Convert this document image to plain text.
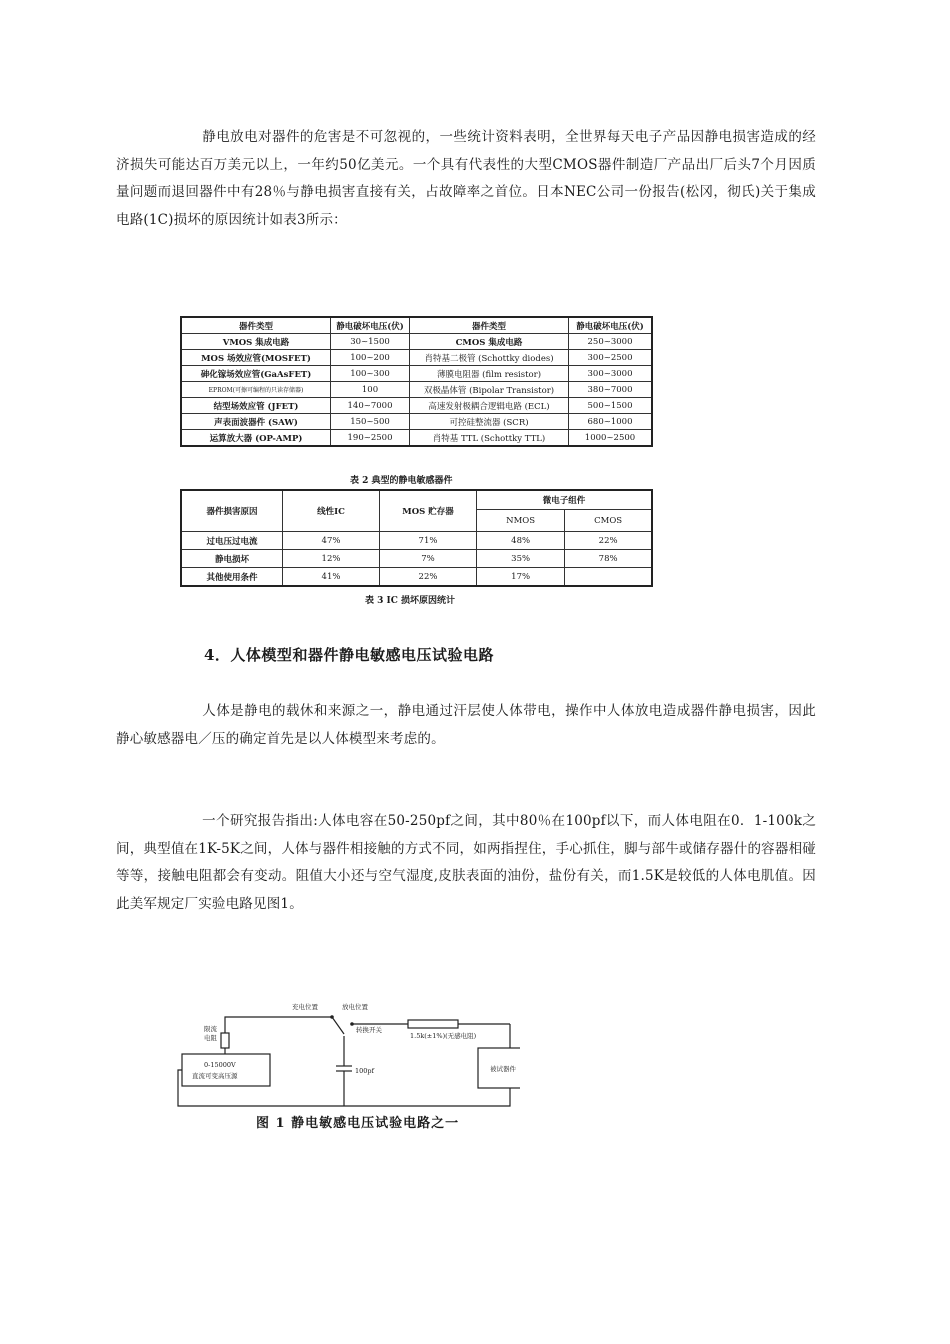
静电放电对器件的危害是不可忽视的，一些统计资料表明，全世界每天电子产品因静电损害造成的经济损失可能达百万美元以上，一年约50亿美元。一个具有代表性的大型CMOS器件制造厂产品出厂后头7个月因质量问题而退回器件中有28％与静电损害直接有关，占故障率之首位。日本NEC公司一份报告(松冈，彻氏)关于集成电路(1C)损坏的原因统计如表3所示：

器件类型	静电破坏电压(伏)	器件类型	静电破坏电压(伏)
VMOS 集成电路	30~1500	CMOS 集成电路	250~3000
MOS 场效应管(MOSFET)	100~200	肖特基二极管 (Schottky diodes)	300~2500
砷化镓场效应管(GaAsFET)	100~300	薄膜电阻器 (film resistor)	300~3000
EPROM(可擦可编程的只读存储器)	100	双极晶体管 (Bipolar Transistor)	380~7000
结型场效应管 (JFET)	140~7000	高速发射极耦合逻辑电路 (ECL)	500~1500
声表面波器件 (SAW)	150~500	可控硅整流器 (SCR)	680~1000
运算放大器 (OP-AMP)	190~2500	肖特基 TTL (Schottky TTL)	1000~2500

表 2 典型的静电敏感器件

器件损害原因	线性IC	MOS 贮存器	微电子组件	
			NMOS	CMOS
过电压过电流	47%	71%	48%	22%
静电损坏	12%	7%	35%	78%
其他使用条件	41%	22%	17%	

表 3 IC 损坏原因统计

4．人体模型和器件静电敏感电压试验电路

人体是静电的载休和来源之一，静电通过汗层使人体带电，操作中人体放电造成器件静电损害，因此静心敏感器电／压的确定首先是以人体模型来考虑的。

一个研究报告指出:人体电容在50-250pf之间，其中80％在100pf以下，而人体电阻在0．1-100k之间，典型值在1K-5K之间，人体与器件相接触的方式不同，如两指捏住，手心抓住，脚与部牛或储存器什的容器相碰等等，接触电阻都会有变动。阻值大小还与空气湿度,皮肤表面的油份，盐份有关，而1.5K是较低的人体电肌值。因此美军规定厂实验电路见图1。

充电位置	放电位置
转换开关
1.5k(±1%)(无感电阻)
限流
电阻
0-15000V
直流可变高压源
被试器件
100pf

图 1 静电敏感电压试验电路之一
